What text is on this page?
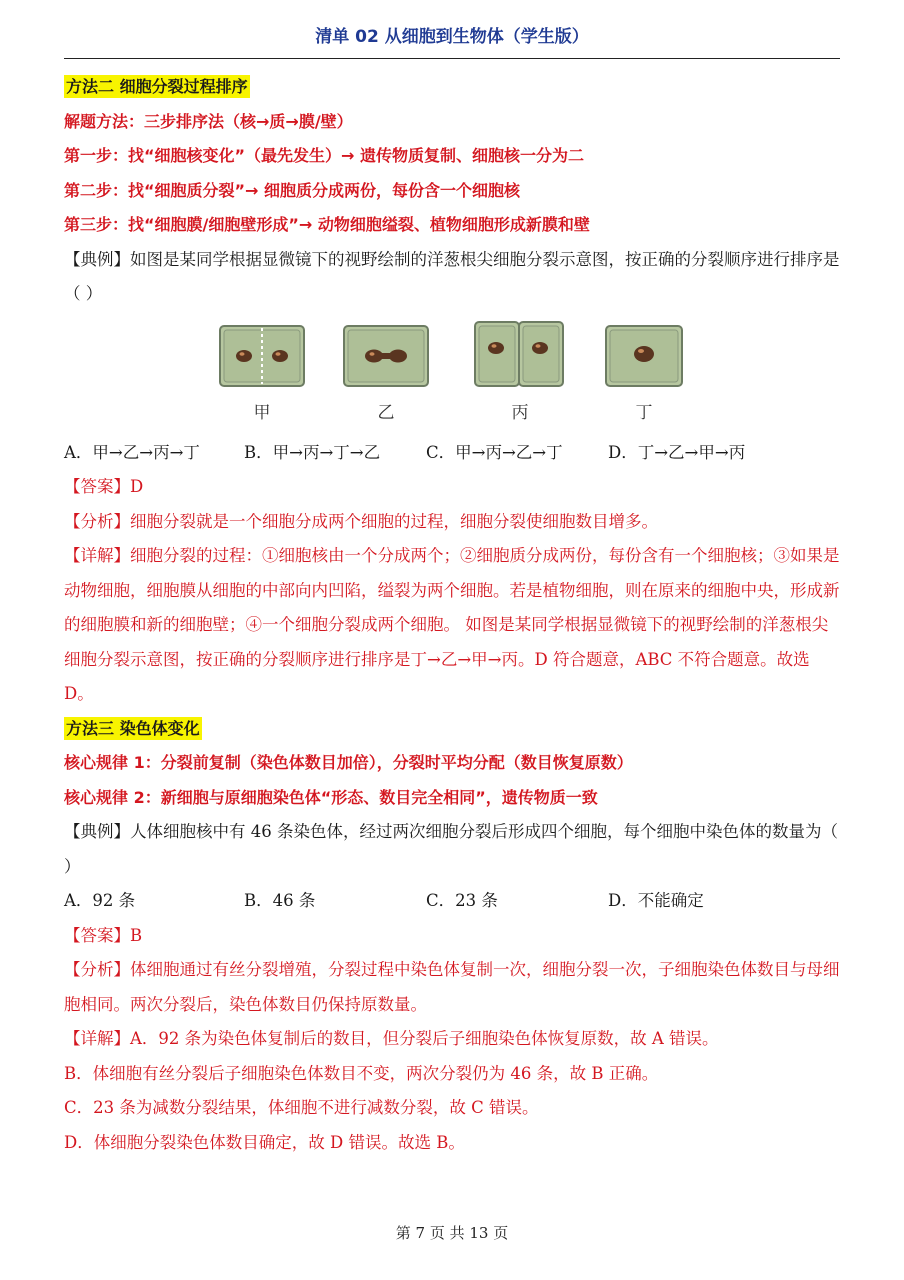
清单 02 从细胞到生物体（学生版）
方法二 细胞分裂过程排序
解题方法：三步排序法（核→质→膜/壁）
第一步：找“细胞核变化”（最先发生）→ 遗传物质复制、细胞核一分为二
第二步：找“细胞质分裂”→ 细胞质分成两份，每份含一个细胞核
第三步：找“细胞膜/细胞壁形成”→ 动物细胞缢裂、植物细胞形成新膜和壁
【典例】如图是某同学根据显微镜下的视野绘制的洋葱根尖细胞分裂示意图，按正确的分裂顺序进行排序是（ ）
甲	乙	丙	丁
A．甲→乙→丙→丁	B．甲→丙→丁→乙	C．甲→丙→乙→丁	D．丁→乙→甲→丙
【答案】D
【分析】细胞分裂就是一个细胞分成两个细胞的过程，细胞分裂使细胞数目增多。
【详解】细胞分裂的过程：①细胞核由一个分成两个；②细胞质分成两份，每份含有一个细胞核；③如果是动物细胞，细胞膜从细胞的中部向内凹陷，缢裂为两个细胞。若是植物细胞，则在原来的细胞中央，形成新的细胞膜和新的细胞壁；④一个细胞分裂成两个细胞。 如图是某同学根据显微镜下的视野绘制的洋葱根尖细胞分裂示意图，按正确的分裂顺序进行排序是丁→乙→甲→丙。D 符合题意，ABC 不符合题意。故选 D。
方法三 染色体变化
核心规律 1：分裂前复制（染色体数目加倍），分裂时平均分配（数目恢复原数）
核心规律 2：新细胞与原细胞染色体“形态、数目完全相同”，遗传物质一致
【典例】人体细胞核中有 46 条染色体，经过两次细胞分裂后形成四个细胞，每个细胞中染色体的数量为（ ）
A．92 条	B．46 条	C．23 条	D．不能确定
【答案】B
【分析】体细胞通过有丝分裂增殖，分裂过程中染色体复制一次，细胞分裂一次，子细胞染色体数目与母细胞相同。两次分裂后，染色体数目仍保持原数量。
【详解】A．92 条为染色体复制后的数目，但分裂后子细胞染色体恢复原数，故 A 错误。
B．体细胞有丝分裂后子细胞染色体数目不变，两次分裂仍为 46 条，故 B 正确。
C．23 条为减数分裂结果，体细胞不进行减数分裂，故 C 错误。
D．体细胞分裂染色体数目确定，故 D 错误。故选 B。
第 7 页 共 13 页
